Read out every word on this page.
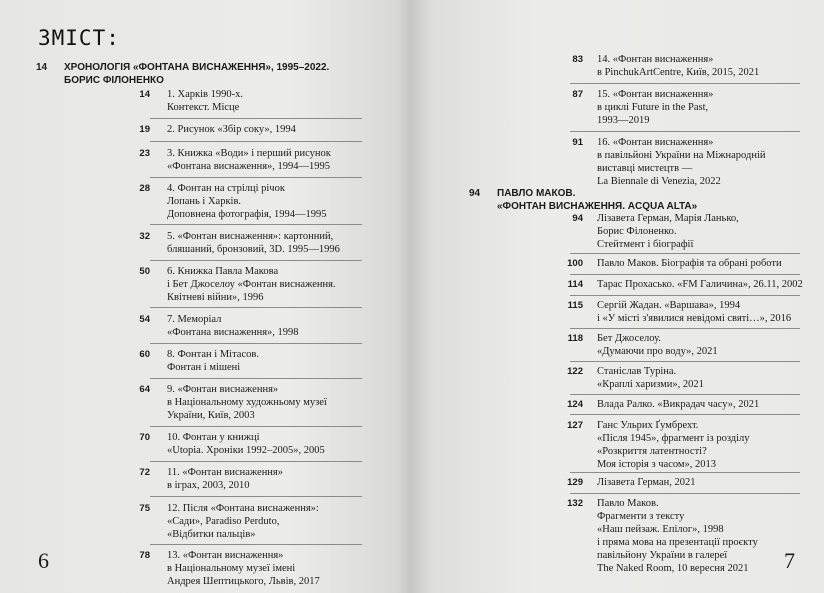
ЗМІСТ:
14 ХРОНОЛОГІЯ «ФОНТАНА ВИСНАЖЕННЯ», 1995–2022.
БОРИС ФІЛОНЕНКО
14 1. Харків 1990-х.
Контекст. Місце
19 2. Рисунок «Збір соку», 1994
23 3. Книжка «Води» і перший рисунок
«Фонтана виснаження», 1994—1995
28 4. Фонтан на стрілці річок
Лопань і Харків.
Доповнена фотографія, 1994—1995
32 5. «Фонтан виснаження»: картонний,
бляшаний, бронзовий, 3D. 1995—1996
50 6. Книжка Павла Макова
і Бет Джоселоу «Фонтан виснаження.
Квітневі війни», 1996
54 7. Меморіал
«Фонтана виснаження», 1998
60 8. Фонтан і Мітасов.
Фонтан і мішені
64 9. «Фонтан виснаження»
в Національному художньому музеї
України, Київ, 2003
70 10. Фонтан у книжці
«Utopia. Хроніки 1992–2005», 2005
72 11. «Фонтан виснаження»
в іграх, 2003, 2010
75 12. Після «Фонтана виснаження»:
«Сади», Paradiso Perduto,
«Відбитки пальців»
78 13. «Фонтан виснаження»
в Національному музеї імені
Андрея Шептицького, Львів, 2017
6
83 14. «Фонтан виснаження»
в PinchukArtCentre, Київ, 2015, 2021
87 15. «Фонтан виснаження»
в циклі Future in the Past,
1993—2019
91 16. «Фонтан виснаження»
в павільйоні України на Міжнародній
виставці мистецтв —
La Biennale di Venezia, 2022
94 ПАВЛО МАКОВ.
«ФОНТАН ВИСНАЖЕННЯ. ACQUA ALTA»
94 Лізавета Герман, Марія Ланько,
Борис Філоненко.
Стейтмент і біографії
100 Павло Маков. Біографія та обрані роботи
114 Тарас Прохасько. «FM Галичина», 26.11, 2002
115 Сергій Жадан. «Варшава», 1994
і «У місті з'явилися невідомі святі…», 2016
118 Бет Джоселоу.
«Думаючи про воду», 2021
122 Станіслав Туріна.
«Краплі харизми», 2021
124 Влада Ралко. «Викрадач часу», 2021
127 Ганс Ульрих Ґумбрехт.
«Після 1945», фрагмент із розділу
«Розкриття латентності?
Моя історія з часом», 2013
129 Лізавета Герман, 2021
132 Павло Маков.
Фрагменти з тексту
«Наш пейзаж. Епілог», 1998
і пряма мова на презентації проєкту
павільйону України в галереї
The Naked Room, 10 вересня 2021	7
